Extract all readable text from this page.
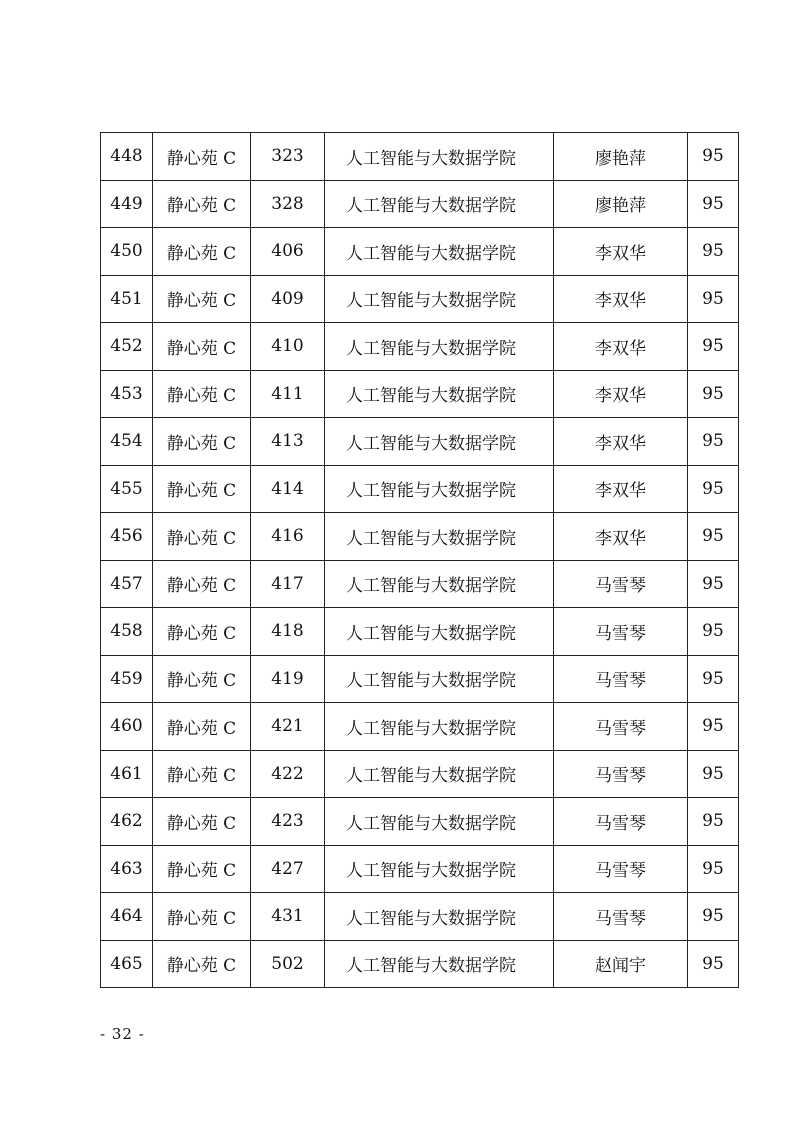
448	静心苑 C	323	人工智能与大数据学院	廖艳萍	95
449	静心苑 C	328	人工智能与大数据学院	廖艳萍	95
450	静心苑 C	406	人工智能与大数据学院	李双华	95
451	静心苑 C	409	人工智能与大数据学院	李双华	95
452	静心苑 C	410	人工智能与大数据学院	李双华	95
453	静心苑 C	411	人工智能与大数据学院	李双华	95
454	静心苑 C	413	人工智能与大数据学院	李双华	95
455	静心苑 C	414	人工智能与大数据学院	李双华	95
456	静心苑 C	416	人工智能与大数据学院	李双华	95
457	静心苑 C	417	人工智能与大数据学院	马雪琴	95
458	静心苑 C	418	人工智能与大数据学院	马雪琴	95
459	静心苑 C	419	人工智能与大数据学院	马雪琴	95
460	静心苑 C	421	人工智能与大数据学院	马雪琴	95
461	静心苑 C	422	人工智能与大数据学院	马雪琴	95
462	静心苑 C	423	人工智能与大数据学院	马雪琴	95
463	静心苑 C	427	人工智能与大数据学院	马雪琴	95
464	静心苑 C	431	人工智能与大数据学院	马雪琴	95
465	静心苑 C	502	人工智能与大数据学院	赵闻宇	95
- 32 -
